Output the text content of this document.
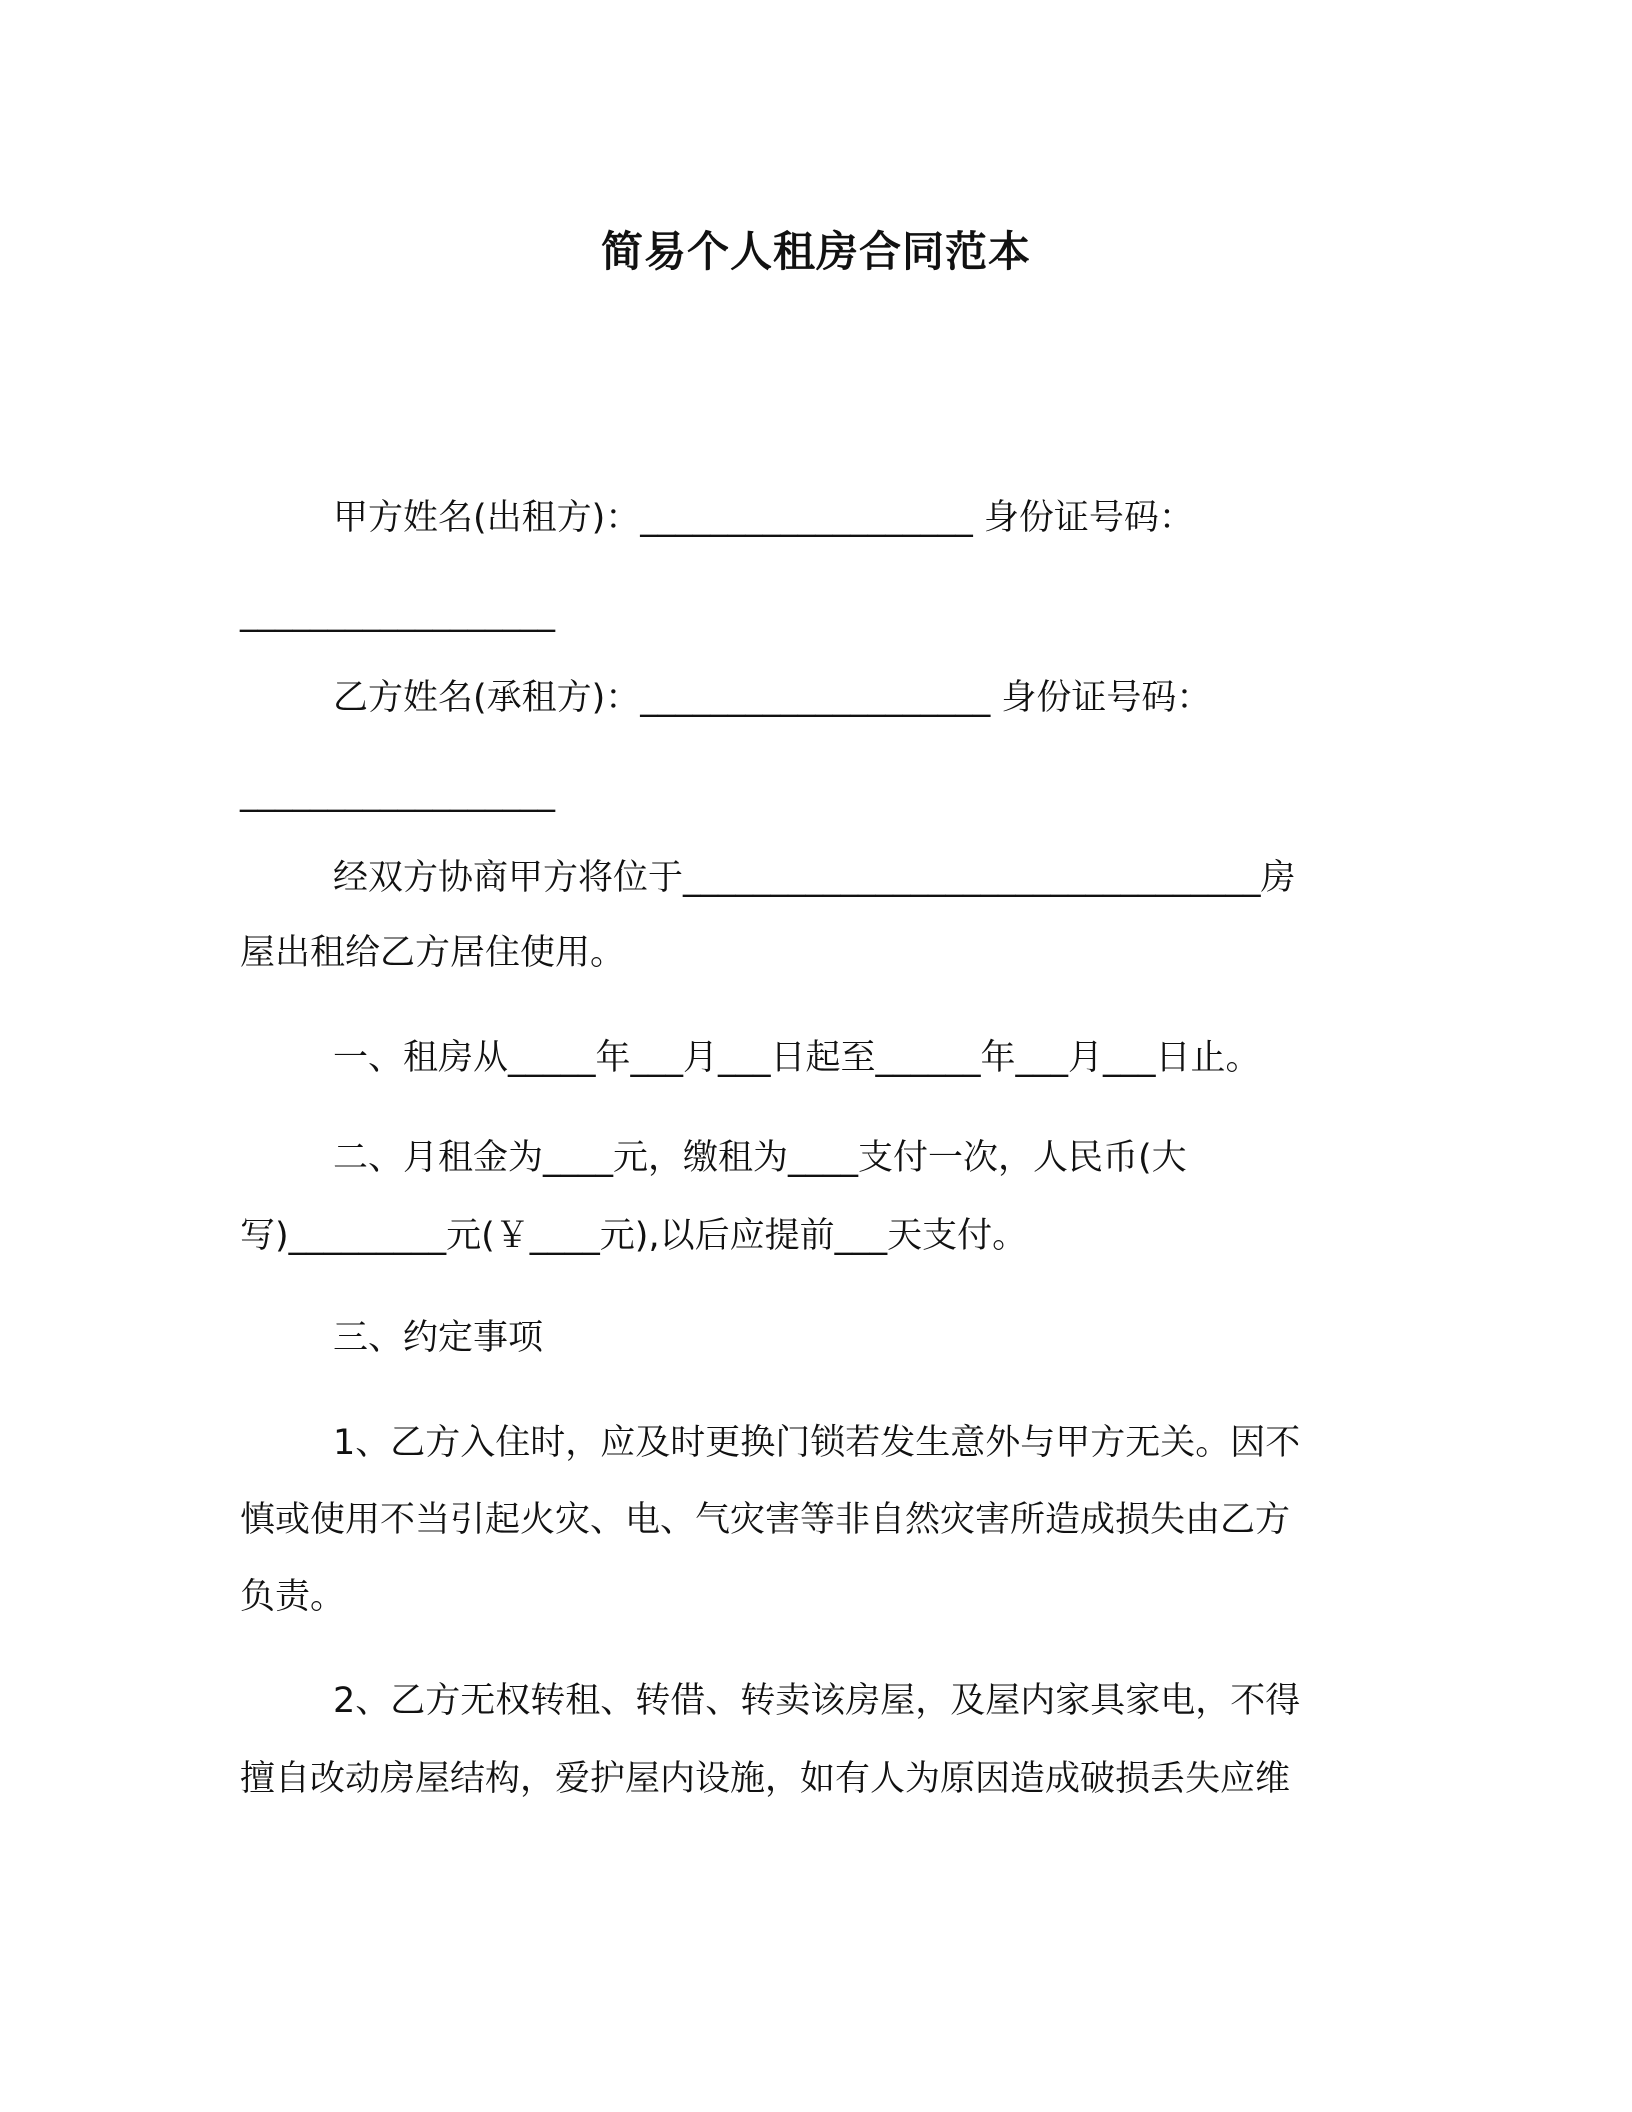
简易个人租房合同范本
甲方姓名(出租方)：___________________ 身份证号码：
__________________
乙方姓名(承租方)：____________________ 身份证号码：
__________________
经双方协商甲方将位于_________________________________房
屋出租给乙方居住使用。
一、租房从_____年___月___日起至______年___月___日止。
二、月租金为____元，缴租为____支付一次，人民币(大
写)_________元(￥____元),以后应提前___天支付。
三、约定事项
1、乙方入住时，应及时更换门锁若发生意外与甲方无关。因不
慎或使用不当引起火灾、电、气灾害等非自然灾害所造成损失由乙方
负责。
2、乙方无权转租、转借、转卖该房屋，及屋内家具家电，不得
擅自改动房屋结构，爱护屋内设施，如有人为原因造成破损丢失应维
